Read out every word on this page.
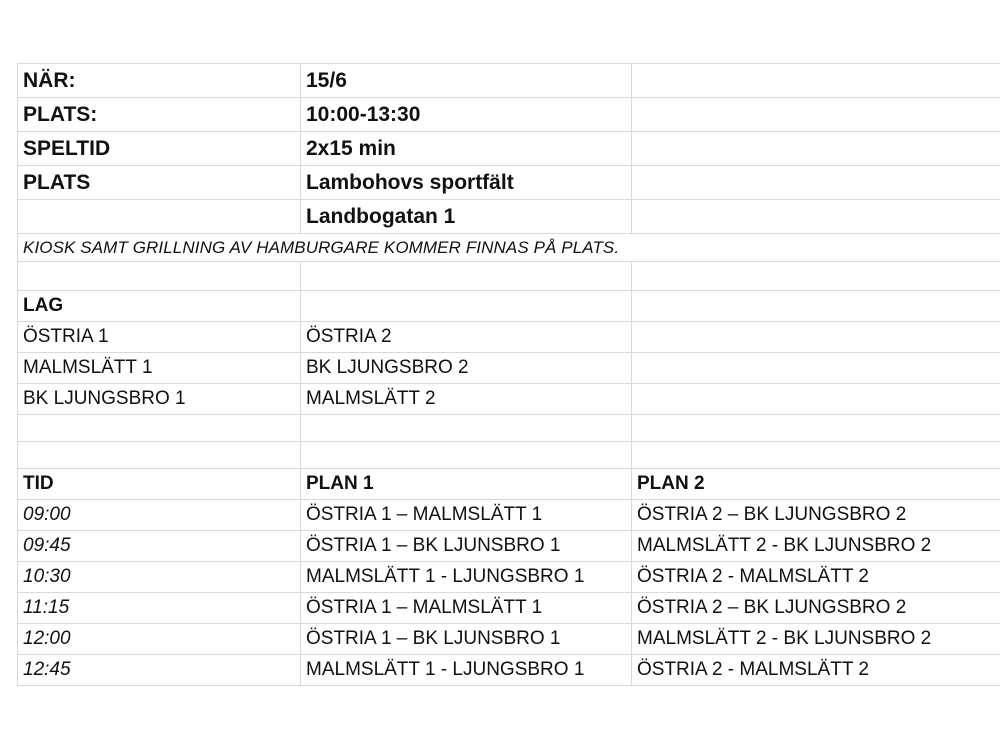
NÄR:	15/6	
PLATS:	10:00-13:30	
SPELTID	2x15 min	
PLATS	Lambohovs sportfält	
	Landbogatan 1	
KIOSK SAMT GRILLNING AV HAMBURGARE KOMMER FINNAS PÅ PLATS.		

LAG		
ÖSTRIA 1	ÖSTRIA 2	
MALMSLÄTT 1	BK LJUNGSBRO 2	
BK LJUNGSBRO 1	MALMSLÄTT 2	

TID	PLAN 1	PLAN 2
09:00	ÖSTRIA 1 – MALMSLÄTT 1	ÖSTRIA 2 – BK LJUNGSBRO 2
09:45	ÖSTRIA 1 – BK LJUNSBRO 1	MALMSLÄTT 2 - BK LJUNSBRO 2
10:30	MALMSLÄTT 1 - LJUNGSBRO 1	ÖSTRIA 2 - MALMSLÄTT 2
11:15	ÖSTRIA 1 – MALMSLÄTT 1	ÖSTRIA 2 – BK LJUNGSBRO 2
12:00	ÖSTRIA 1 – BK LJUNSBRO 1	MALMSLÄTT 2 - BK LJUNSBRO 2
12:45	MALMSLÄTT 1 - LJUNGSBRO 1	ÖSTRIA 2 - MALMSLÄTT 2
